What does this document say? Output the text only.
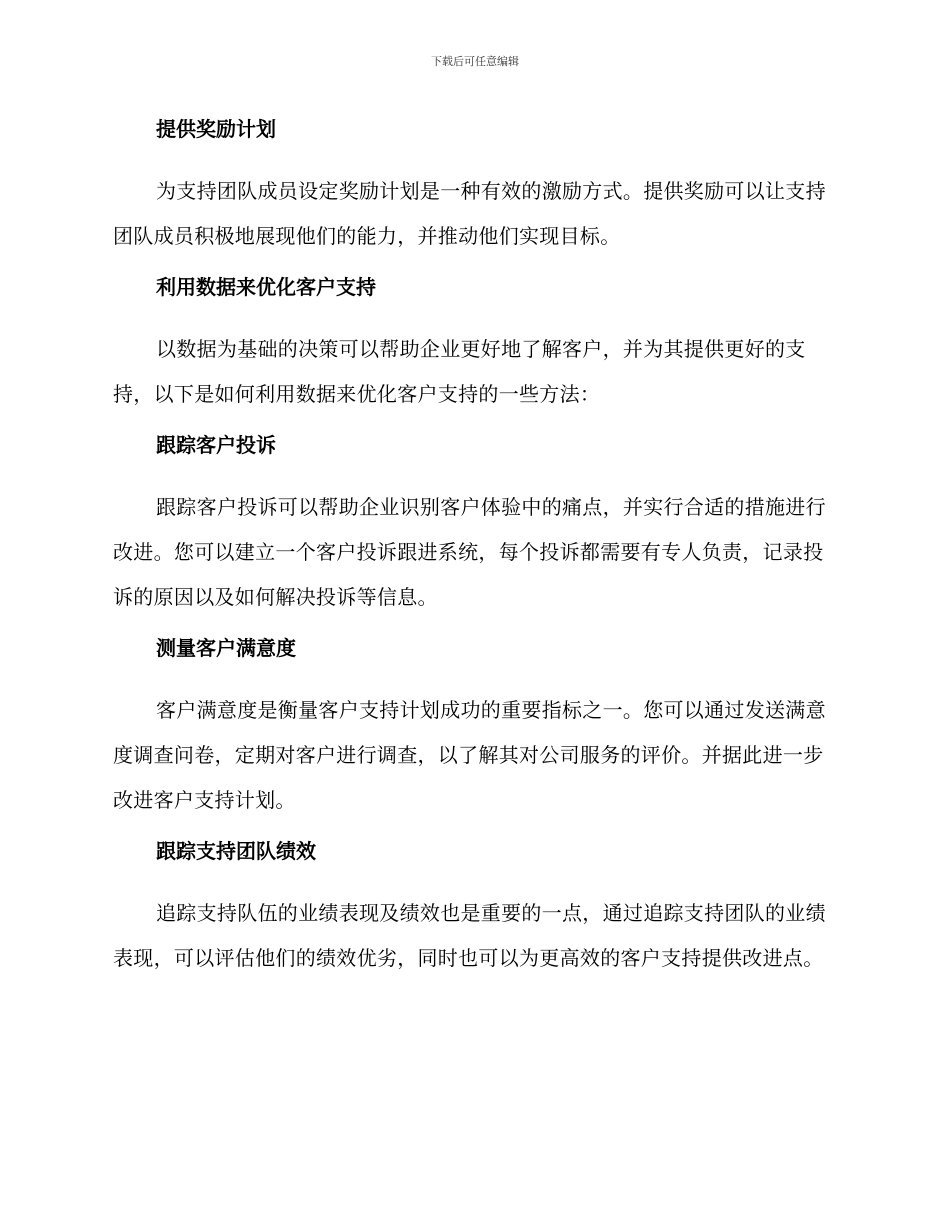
下载后可任意编辑
提供奖励计划
为支持团队成员设定奖励计划是一种有效的激励方式。提供奖励可以让支持团队成员积极地展现他们的能力，并推动他们实现目标。
利用数据来优化客户支持
以数据为基础的决策可以帮助企业更好地了解客户，并为其提供更好的支持，以下是如何利用数据来优化客户支持的一些方法：
跟踪客户投诉
跟踪客户投诉可以帮助企业识别客户体验中的痛点，并实行合适的措施进行改进。您可以建立一个客户投诉跟进系统，每个投诉都需要有专人负责，记录投诉的原因以及如何解决投诉等信息。
测量客户满意度
客户满意度是衡量客户支持计划成功的重要指标之一。您可以通过发送满意度调查问卷，定期对客户进行调查，以了解其对公司服务的评价。并据此进一步改进客户支持计划。
跟踪支持团队绩效
追踪支持队伍的业绩表现及绩效也是重要的一点，通过追踪支持团队的业绩表现，可以评估他们的绩效优劣，同时也可以为更高效的客户支持提供改进点。
